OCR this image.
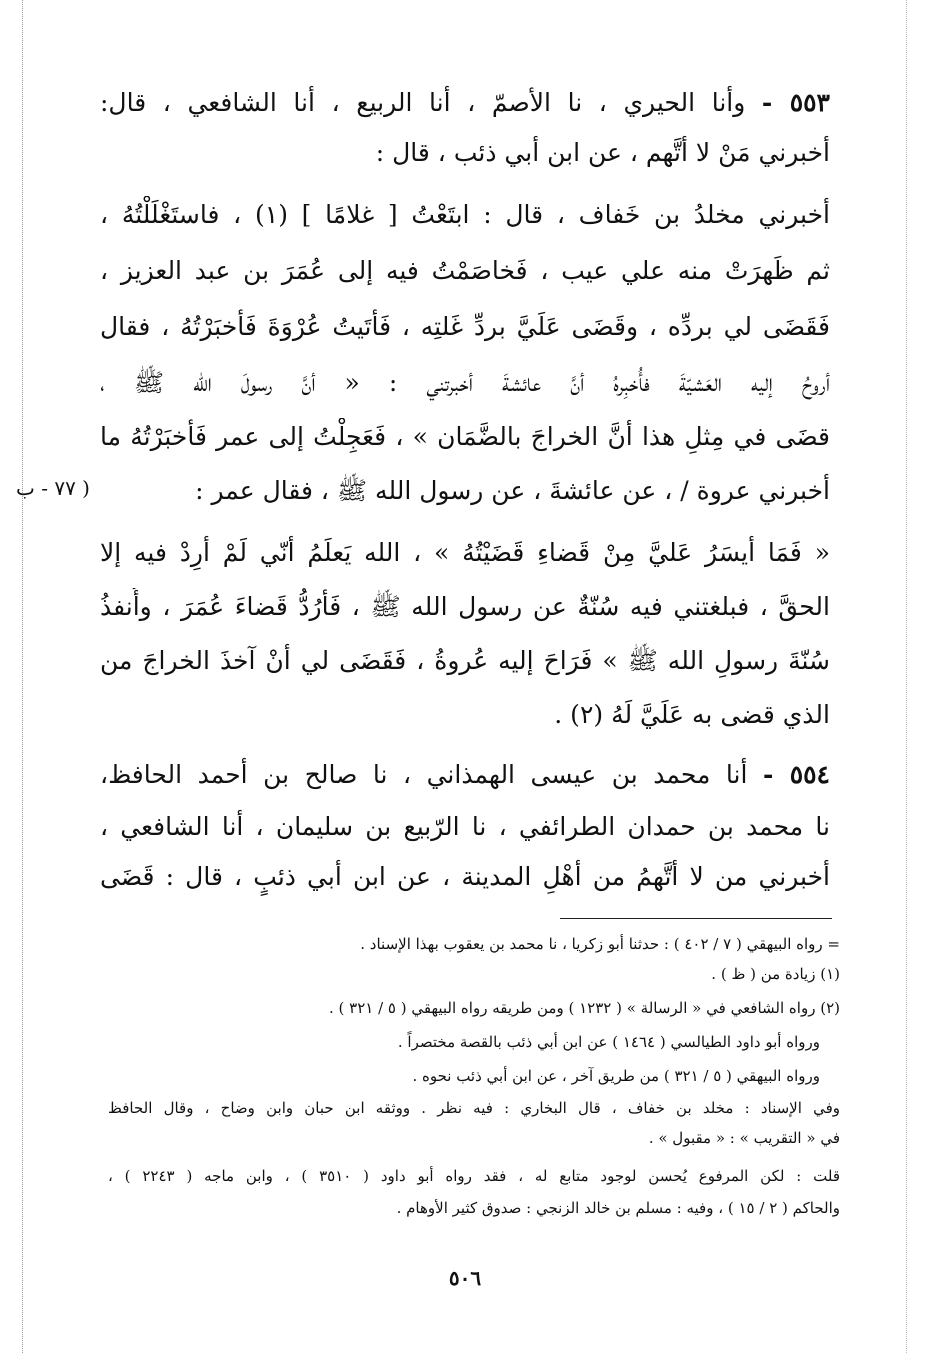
٥٥٣ - وأنا الحيري ، نا الأصمّ ، أنا الربيع ، أنا الشافعي ، قال:
أخبرني مَنْ لا أتَّهم ، عن ابن أبي ذئب ، قال :
أخبرني مخلدُ بن خَفاف ، قال : ابتَعْتُ [ غلامًا ] (١) ، فاستَغْلَلْتُهُ ،
ثم ظَهرَتْ منه علي عيب ، فَخاصَمْتُ فيه إلى عُمَرَ بن عبد العزيز ،
فَقَضَى لي بردِّه ، وقَضَى عَلَيَّ بردِّ غَلتِه ، فَأتَيتُ عُرْوَةَ فَأخبَرْتُهُ ، فقال
أروحُ إليه العَشيّةَ فأُخبِرهُ أنَّ عائشةَ أخبرتني : « أنَّ رسولَ الله ﷺ ،
قضَى في مِثلِ هذا أنَّ الخراجَ بالضَّمَان » ، فَعَجِلْتُ إلى عمر فَأخبَرْتُهُ ما
أخبرني عروة / ، عن عائشةَ ، عن رسول الله ﷺ ، فقال عمر :
( ٧٧ - ب
« فَمَا أيسَرُ عَليَّ مِنْ قَضاءِ قَضَيْتُهُ » ، الله يَعلَمُ أنّي لَمْ أرِدْ فيه إلا
الحقَّ ، فبلغتني فيه سُنّةٌ عن رسول الله ﷺ ، فَأرُدُّ قَضاءَ عُمَرَ ، وأُنفذُ
سُنّةَ رسولِ الله ﷺ » فَرَاحَ إليه عُروةُ ، فَقَضَى لي أنْ آخذَ الخراجَ من
الذي قضى به عَلَيَّ لَهُ (٢) .
٥٥٤ - أنا محمد بن عيسى الهمذاني ، نا صالح بن أحمد الحافظ،
نا محمد بن حمدان الطرائفي ، نا الرّبيع بن سليمان ، أنا الشافعي ،
أخبرني من لا أتَّهمُ من أهْلِ المدينة ، عن ابن أبي ذئبٍ ، قال : قَضَى
= رواه البيهقي ( ٧ / ٤٠٢ ) : حدثنا أبو زكريا ، نا محمد بن يعقوب بهذا الإسناد .
(١) زيادة من ( ظ ) .
(٢) رواه الشافعي في « الرسالة » ( ١٢٣٢ ) ومن طريقه رواه البيهقي ( ٥ / ٣٢١ ) .
ورواه أبو داود الطيالسي ( ١٤٦٤ ) عن ابن أبي ذئب بالقصة مختصراً .
ورواه البيهقي ( ٥ / ٣٢١ ) من طريق آخر ، عن ابن أبي ذئب نحوه .
وفي الإسناد : مخلد بن خفاف ، قال البخاري : فيه نظر . ووثقه ابن حبان وابن وضاح ، وقال الحافظ
في « التقريب » : « مقبول » .
قلت : لكن المرفوع يُحسن لوجود متابع له ، فقد رواه أبو داود ( ٣٥١٠ ) ، وابن ماجه ( ٢٢٤٣ ) ،
والحاكم ( ٢ / ١٥ ) ، وفيه : مسلم بن خالد الزنجي : صدوق كثير الأوهام .
٥٠٦
